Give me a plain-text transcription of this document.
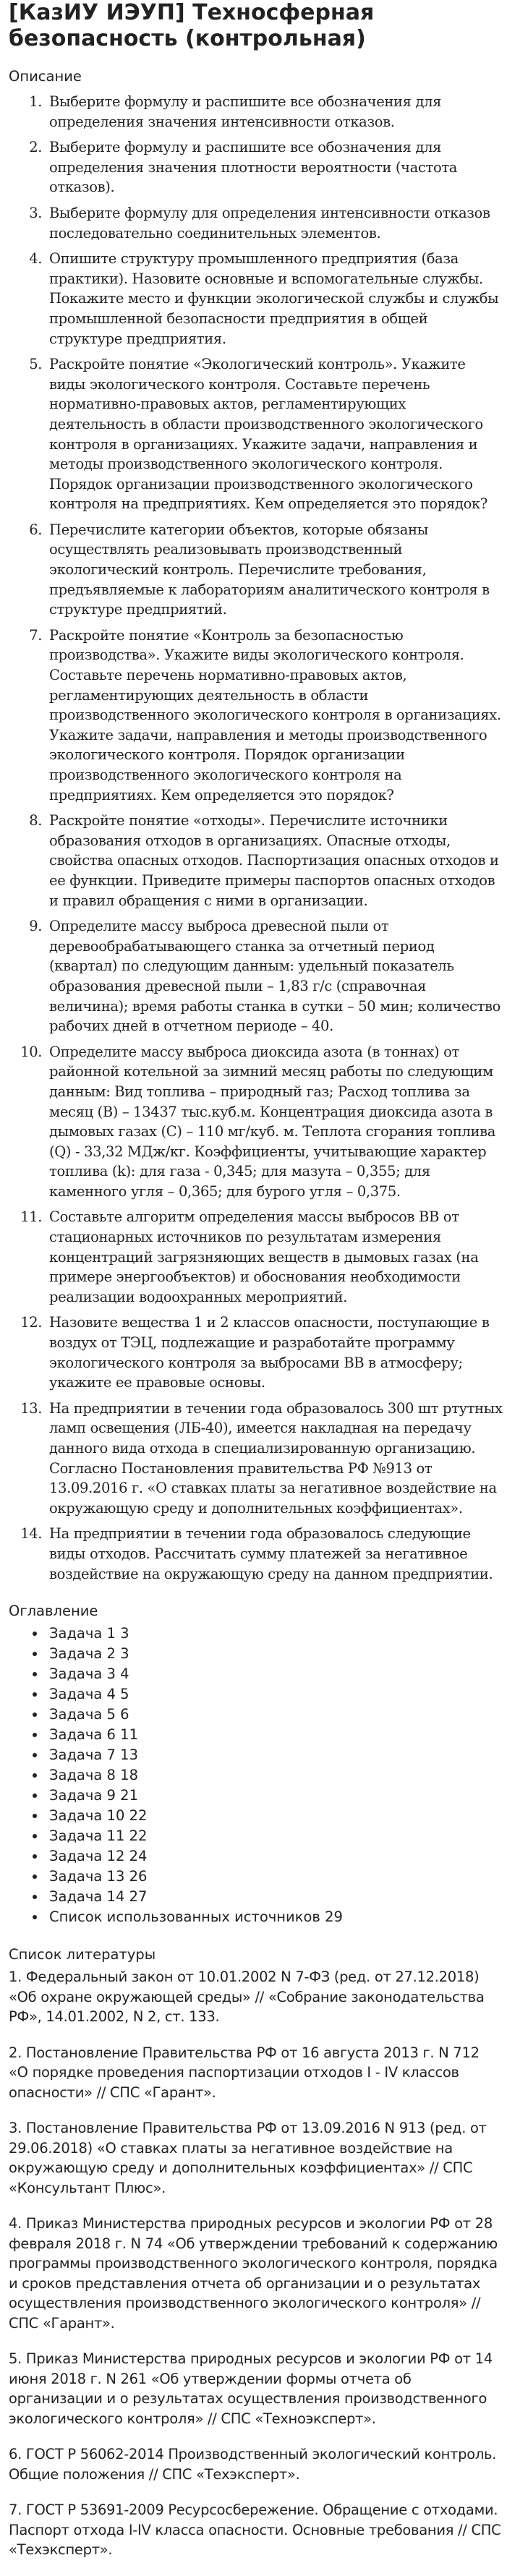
[КазИУ ИЭУП] Техносферная безопасность (контрольная)
Описание
1. Выберите формулу и распишите все обозначения для определения значения интенсивности отказов.
2. Выберите формулу и распишите все обозначения для определения значения плотности вероятности (частота отказов).
3. Выберите формулу для определения интенсивности отказов последовательно соединительных элементов.
4. Опишите структуру промышленного предприятия (база практики). Назовите основные и вспомогательные службы. Покажите место и функции экологической службы и службы промышленной безопасности предприятия в общей структуре предприятия.
5. Раскройте понятие «Экологический контроль». Укажите виды экологического контроля. Составьте перечень нормативно-правовых актов, регламентирующих деятельность в области производственного экологического контроля в организациях. Укажите задачи, направления и методы производственного экологического контроля. Порядок организации производственного экологического контроля на предприятиях. Кем определяется это порядок?
6. Перечислите категории объектов, которые обязаны осуществлять реализовывать производственный экологический контроль. Перечислите требования, предъявляемые к лабораториям аналитического контроля в структуре предприятий.
7. Раскройте понятие «Контроль за безопасностью производства». Укажите виды экологического контроля. Составьте перечень нормативно-правовых актов, регламентирующих деятельность в области производственного экологического контроля в организациях. Укажите задачи, направления и методы производственного экологического контроля. Порядок организации производственного экологического контроля на предприятиях. Кем определяется это порядок?
8. Раскройте понятие «отходы». Перечислите источники образования отходов в организациях. Опасные отходы, свойства опасных отходов. Паспортизация опасных отходов и ее функции. Приведите примеры паспортов опасных отходов и правил обращения с ними в организации.
9. Определите массу выброса древесной пыли от деревообрабатывающего станка за отчетный период (квартал) по следующим данным: удельный показатель образования древесной пыли – 1,83 г/с (справочная величина); время работы станка в сутки – 50 мин; количество рабочих дней в отчетном периоде – 40.
10. Определите массу выброса диоксида азота (в тоннах) от районной котельной за зимний месяц работы по следующим данным: Вид топлива – природный газ; Расход топлива за месяц (В) – 13437 тыс.куб.м. Концентрация диоксида азота в дымовых газах (С) – 110 мг/куб. м. Теплота сгорания топлива (Q) - 33,32 МДж/кг. Коэффициенты, учитывающие характер топлива (k): для газа - 0,345; для мазута – 0,355; для каменного угля – 0,365; для бурого угля – 0,375.
11. Составьте алгоритм определения массы выбросов ВВ от стационарных источников по результатам измерения концентраций загрязняющих веществ в дымовых газах (на примере энергообъектов) и обоснования необходимости реализации водоохранных мероприятий.
12. Назовите вещества 1 и 2 классов опасности, поступающие в воздух от ТЭЦ, подлежащие и разработайте программу экологического контроля за выбросами ВВ в атмосферу; укажите ее правовые основы.
13. На предприятии в течении года образовалось 300 шт ртутных ламп освещения (ЛБ-40), имеется накладная на передачу данного вида отхода в специализированную организацию. Согласно Постановления правительства РФ №913 от 13.09.2016 г. «О ставках платы за негативное воздействие на окружающую среду и дополнительных коэффициентах».
14. На предприятии в течении года образовалось следующие виды отходов. Рассчитать сумму платежей за негативное воздействие на окружающую среду на данном предприятии.
Оглавление
• Задача 1 3
• Задача 2 3
• Задача 3 4
• Задача 4 5
• Задача 5 6
• Задача 6 11
• Задача 7 13
• Задача 8 18
• Задача 9 21
• Задача 10 22
• Задача 11 22
• Задача 12 24
• Задача 13 26
• Задача 14 27
• Список использованных источников 29
Список литературы

1. Федеральный закон от 10.01.2002 N 7-ФЗ (ред. от 27.12.2018) «Об охране окружающей среды» // «Собрание законодательства РФ», 14.01.2002, N 2, ст. 133.

2. Постановление Правительства РФ от 16 августа 2013 г. N 712 «О порядке проведения паспортизации отходов I - IV классов опасности» // СПС «Гарант».

3. Постановление Правительства РФ от 13.09.2016 N 913 (ред. от 29.06.2018) «О ставках платы за негативное воздействие на окружающую среду и дополнительных коэффициентах» // СПС «Консультант Плюс».

4. Приказ Министерства природных ресурсов и экологии РФ от 28 февраля 2018 г. N 74 «Об утверждении требований к содержанию программы производственного экологического контроля, порядка и сроков представления отчета об организации и о результатах осуществления производственного экологического контроля» // СПС «Гарант».

5. Приказ Министерства природных ресурсов и экологии РФ от 14 июня 2018 г. N 261 «Об утверждении формы отчета об организации и о результатах осуществления производственного экологического контроля» // СПС «Техноэксперт».

6. ГОСТ Р 56062-2014 Производственный экологический контроль. Общие положения // СПС «Техэксперт».

7. ГОСТ Р 53691-2009 Ресурсосбережение. Обращение с отходами. Паспорт отхода I-IV класса опасности. Основные требования // СПС «Техэксперт».
